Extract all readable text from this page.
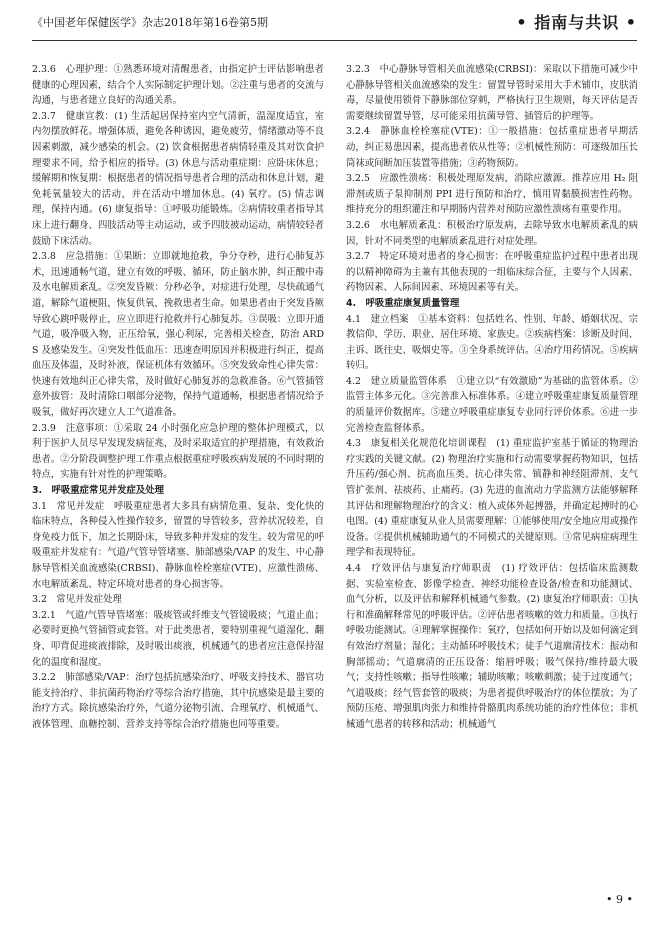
《中国老年保健医学》杂志2018年第16卷第5期	• 指南与共识 •

2.3.6　心理护理：①熟悉环境对清醒患者，由指定护士评估影响患者健康的心理因素，结合个人实际制定护理计划。②注重与患者的交流与沟通，与患者建立良好的沟通关系。

2.3.7　健康宣教：(1) 生活起居保持室内空气清新，温湿度适宜，室内勿摆放鲜花。增强体质，避免各种诱因，避免疲劳，情绪激动等不良因素刺激，减少感染的机会。(2) 饮食根据患者病情轻重及其对饮食护理要求不同，给予相应的指导。(3) 休息与活动重症期：应卧床休息；缓解期和恢复期：根据患者的情况指导患者合理的活动和休息计划，避免耗氧量较大的活动，并在活动中增加休息。(4) 氧疗。(5) 情志调理，保持内通。(6) 康复指导：①呼吸功能锻炼。②病情较重者指导其床上进行翻身、四肢活动等主动运动，或予四肢被动运动，病情较轻者鼓励下床活动。

2.3.8　应急措施：①果断：立即就地抢救，争分夺秒，进行心肺复苏术，迅速通畅气道，建立有效的呼吸、循环，防止脑水肿，纠正酸中毒及水电解质紊乱。②突发昏厥：分秒必争，对症进行处理，尽快疏通气道，解除气道梗阻，恢复供氧，挽救患者生命。如果患者由于突发昏厥导致心跳呼吸停止，应立即进行抢救并行心肺复苏。③误吸：立即开通气道，吸净吸入物，正压给氧，强心利尿，完善相关检查，防治 ARDS 及感染发生。④突发性低血压：迅速查明原因并积极进行纠正，提高血压及体温，及时补液，保证机体有效循环。⑤突发致命性心律失常：快速有效地纠正心律失常，及时做好心肺复苏的急救准备。⑥气管插管意外拔管：及时清除口咽部分泌物，保持气道通畅，根据患者情况给予吸氧，做好再次建立人工气道准备。

2.3.9　注意事项：①采取 24 小时强化应急护理的整体护理模式，以利于医护人员尽早发现发病征兆，及时采取适宜的护理措施，有效救治患者。②分阶段调整护理工作重点根据重症呼吸疾病发展的不同时期的特点，实施有针对性的护理策略。

3.　呼吸重症常见并发症及处理

3.1　常见并发症　呼吸重症患者大多具有病情危重、复杂、变化快的临床特点，各种侵入性操作较多，留置的导管较多，营养状况较差，自身免疫力低下，加之长期卧床，导致多种并发症的发生。较为常见的呼吸重症并发症有：气道/气管导管堵塞、肺部感染/VAP 的发生、中心静脉导管相关血流感染(CRBSI)、静脉血栓栓塞症(VTE)、应激性溃疡、水电解质紊乱、特定环境对患者的身心损害等。

3.2　常见并发症处理

3.2.1　气道/气管导管堵塞：吸痰管或纤维支气管镜吸痰；气道止血；必要时更换气管插管或套管。对于此类患者，要特别重视气道湿化、翻身、叩背促进痰液排除，及时吸出痰液，机械通气的患者应注意保持湿化的温度和湿度。

3.2.2　肺部感染/VAP：治疗包括抗感染治疗、呼吸支持技术、器官功能支持治疗、非抗菌药物治疗等综合治疗措施，其中抗感染是最主要的治疗方式。除抗感染治疗外，气道分泌物引流、合理氧疗、机械通气、液体管理、血糖控制、营养支持等综合治疗措施也同等重要。

3.2.3　中心静脉导管相关血流感染(CRBSI)：采取以下措施可减少中心静脉导管相关血流感染的发生：留置导管时采用大手术铺巾，皮肤消毒，尽量使用锁骨下静脉部位穿刺，严格执行卫生规则，每天评估是否需要继续留置导管，尽可能采用抗菌导管、插管后的护理等。

3.2.4　静脉血栓栓塞症(VTE)：①一般措施：包括重症患者早期活动，纠正易患因素，提高患者依从性等；②机械性预防：可逐级加压长筒袜或间断加压装置等措施；③药物预防。

3.2.5　应激性溃疡：积极处理原发病，消除应激源。推荐应用 H₂ 阻滞剂或质子泵抑制剂 PPI 进行预防和治疗，慎用胃黏膜损害性药物。维持充分的组织灌注和早期肠内营养对预防应激性溃疡有重要作用。

3.2.6　水电解质紊乱：积极治疗原发病，去除导致水电解质紊乱的病因，针对不同类型的电解质紊乱进行对症处理。

3.2.7　特定环境对患者的身心损害：在呼吸重症监护过程中患者出现的以精神障碍为主兼有其他表现的一组临床综合征，主要与个人因素、药物因素、人际间因素、环境因素等有关。

4.　呼吸重症康复质量管理

4.1　建立档案　①基本资料：包括姓名、性别、年龄、婚姻状况、宗教信仰、学历、职业、居住环境、家族史。②疾病档案：诊断及时间、主诉、既往史、吸烟史等。③全身系统评估。④治疗用药情况。⑤疾病转归。

4.2　建立质量监管体系　①建立以“有效激励”为基础的监管体系。②监管主体多元化。③完善准入标准体系。④建立呼吸重症康复质量管理的质量评价数据库。⑤建立呼吸重症康复专业同行评价体系。⑥进一步完善检查监督体系。

4.3　康复相关化规范化培训课程　(1) 重症监护室基于循证的物理治疗实践的关键文献。(2) 物理治疗实施和行动需要掌握药物知识，包括升压药/强心剂、抗高血压类、抗心律失常、镇静和神经阻滞剂、支气管扩张剂、祛痰药、止痛药。(3) 先进的血流动力学监测方法能够解释其评估和理解物理治疗的含义：植入或体外起搏器，并确定起搏时的心电图。(4) 重症康复从业人员需要理解：①能够使用/安全地应用或操作设备。②提供机械辅助通气的不同模式的关键原则。③常见病症病理生理学和表现特征。

4.4　疗效评估与康复治疗师职责　(1) 疗效评估：包括临床监测数据、实验室检查、影像学检查、神经功能检查设备/检查和功能测试、血气分析，以及评估和解释机械通气参数。(2) 康复治疗师职责：①执行和准确解释常见的呼吸评估。②评估患者咳嗽的效力和质量。③执行呼吸功能测试。④理解掌握操作：氧疗，包括如何开始以及如何滴定到有效治疗剂量；湿化；主动循环呼吸技术；徒手气道廓清技术：振动和胸部摇动；气道廓清的正压设备：缩唇呼吸；吸气保持/维持最大吸气；支持性咳嗽；指导性咳嗽；辅助咳嗽；咳嗽刺激；徒于过度通气；气道吸痰；经气管套管的吸痰；为患者提供呼吸治疗的体位摆放；为了预防压疮、增强肌肉张力和维持骨骼肌肉系统功能的治疗性体位；非机械通气患者的转移和活动；机械通气

• 9 •
